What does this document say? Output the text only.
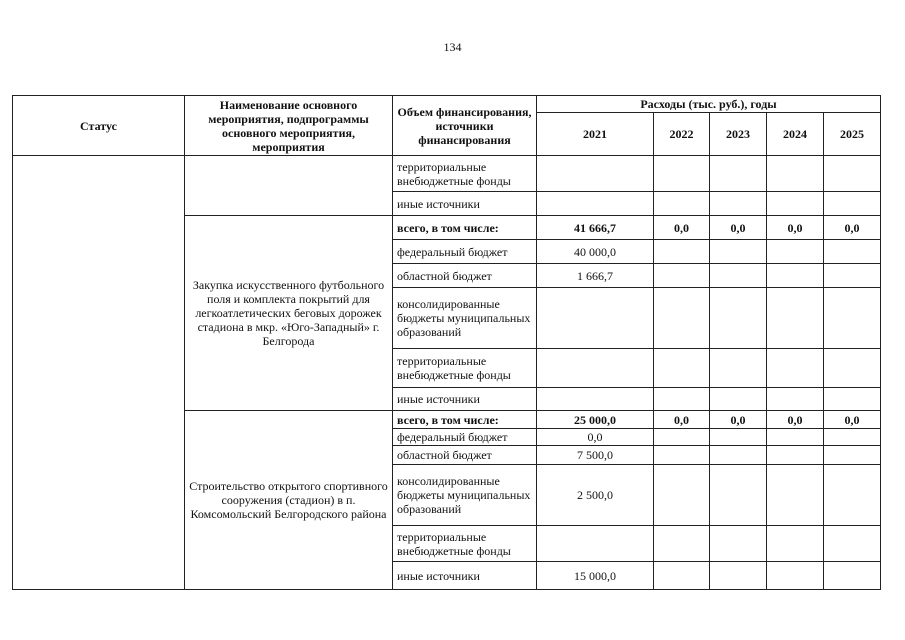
134
Статус	Наименование основного мероприятия, подпрограммы основного мероприятия, мероприятия	Объем финансирования, источники финансирования	Расходы (тыс. руб.), годы				
			2021	2022	2023	2024	2025
		территориальные внебюджетные фонды					
		иные источники					
	Закупка искусственного футбольного поля и комплекта покрытий для легкоатлетических беговых дорожек стадиона в мкр. «Юго-Западный» г. Белгорода	всего, в том числе:	41 666,7	0,0	0,0	0,0	0,0
		федеральный бюджет	40 000,0				
		областной бюджет	1 666,7				
		консолидированные бюджеты муниципальных образований					
		территориальные внебюджетные фонды					
		иные источники					
	Строительство открытого спортивного сооружения (стадион) в п. Комсомольский Белгородского района	всего, в том числе:	25 000,0	0,0	0,0	0,0	0,0
		федеральный бюджет	0,0				
		областной бюджет	7 500,0				
		консолидированные бюджеты муниципальных образований	2 500,0				
		территориальные внебюджетные фонды					
		иные источники	15 000,0				
